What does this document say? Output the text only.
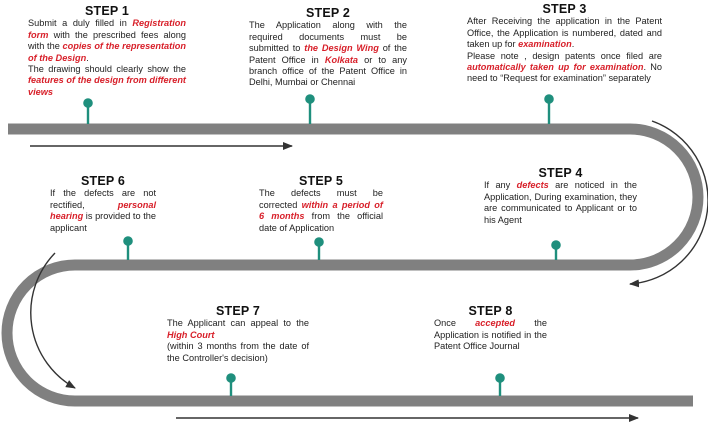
STEP 1

Submit a duly filled in Registration form with the prescribed fees along with the copies of the representation of the Design.
The drawing should clearly show the features of the design from different views

STEP 2

The Application along with the required documents must be submitted to the Design Wing of the Patent Office in Kolkata or to any branch office of the Patent Office in Delhi, Mumbai or Chennai

STEP 3

After Receiving the application in the Patent Office, the Application is numbered, dated and taken up for examination.
Please note , design patents once filed are automatically taken up for examination. No need to “Request for examination” separately

STEP 4

If any defects are noticed in the Application, During examination, they are communicated to Applicant or to his Agent

STEP 5

The defects must be corrected within a period of 6 months from the official date of Application

STEP 6

If the defects are not rectified, personal hearing is provided to the applicant

STEP 7

The Applicant can appeal to the High Court
(within 3 months from the date of the Controller's decision)

STEP 8

Once accepted the Application is notified in the Patent Office Journal
